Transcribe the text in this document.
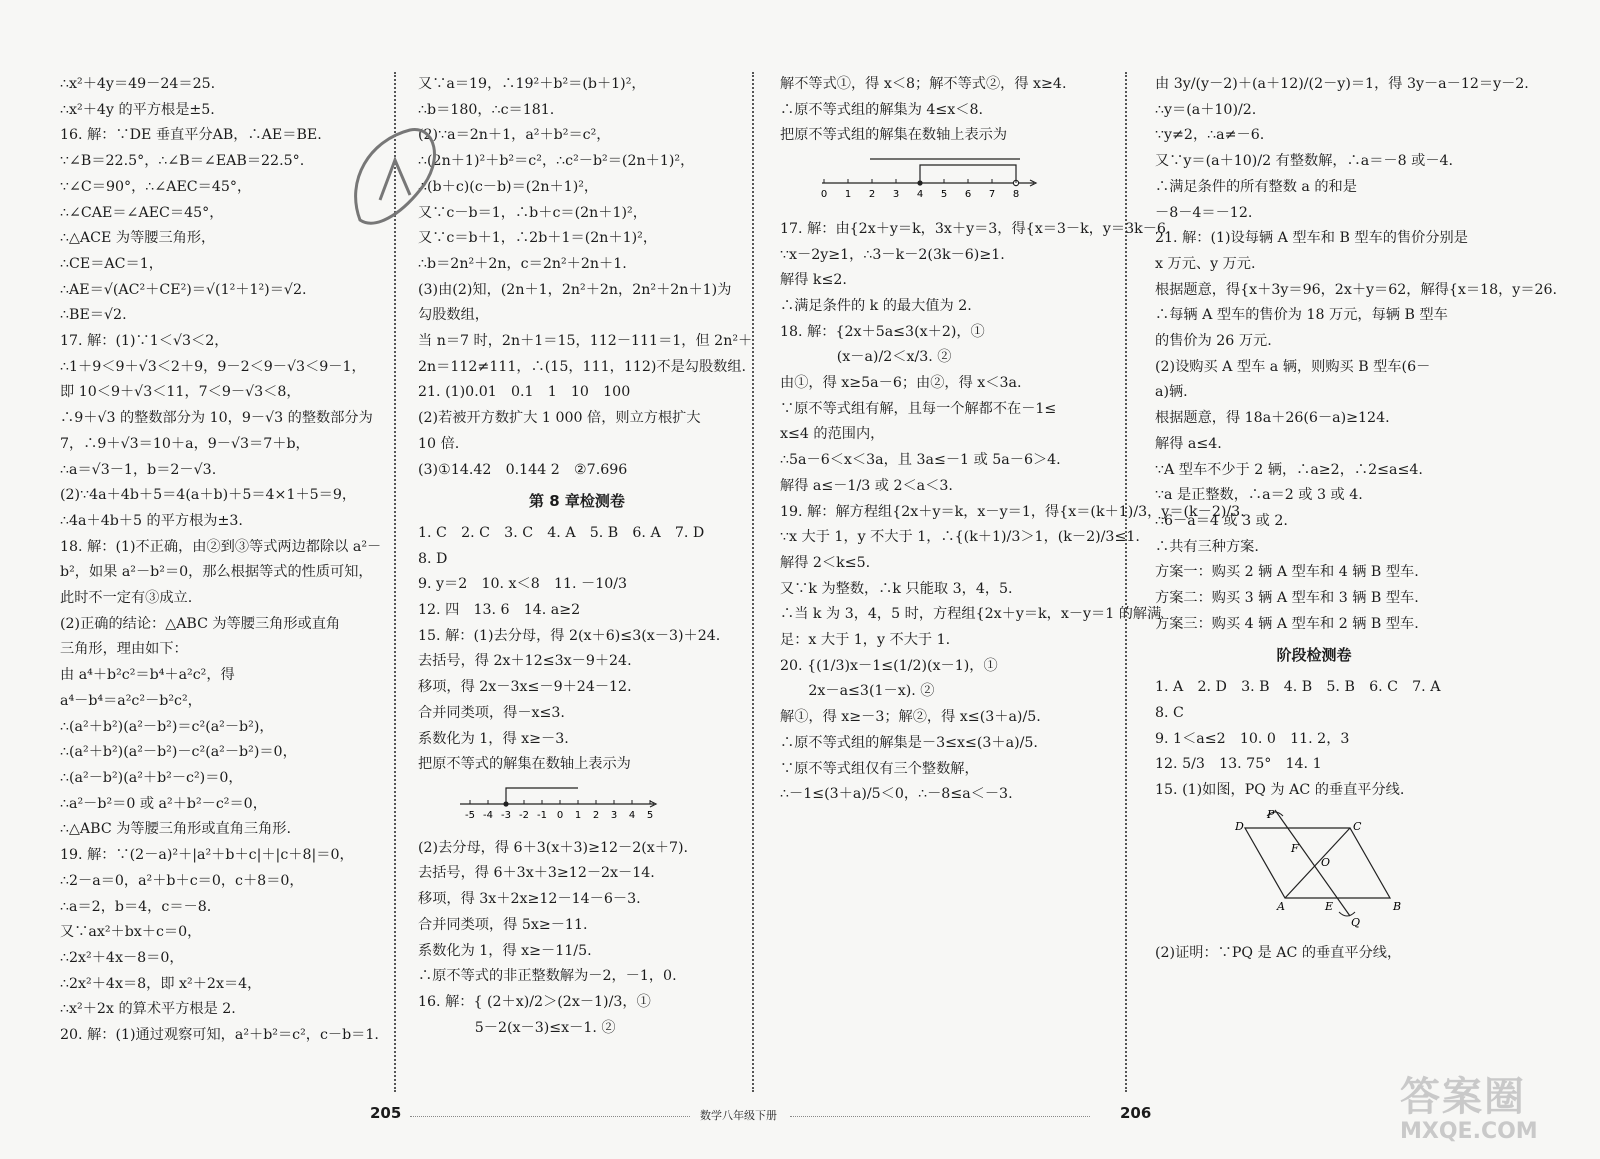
∴x²＋4y＝49－24＝25.
∴x²＋4y 的平方根是±5.
16. 解：∵DE 垂直平分AB，∴AE＝BE.
∵∠B＝22.5°，∴∠B＝∠EAB＝22.5°.
∵∠C＝90°，∴∠AEC＝45°，
∴∠CAE＝∠AEC＝45°，
∴△ACE 为等腰三角形，
∴CE＝AC＝1，
∴AE＝√(AC²＋CE²)＝√(1²＋1²)＝√2.
∴BE＝√2.
17. 解：(1)∵1＜√3＜2，
∴1＋9＜9＋√3＜2＋9，9－2＜9－√3＜9－1，
即 10＜9＋√3＜11，7＜9－√3＜8，
∴9＋√3 的整数部分为 10，9－√3 的整数部分为
7，∴9＋√3＝10＋a，9－√3＝7＋b，
∴a＝√3－1，b＝2－√3.
(2)∵4a＋4b＋5＝4(a＋b)＋5＝4×1＋5＝9，
∴4a＋4b＋5 的平方根为±3.
18. 解：(1)不正确，由②到③等式两边都除以 a²－
b²，如果 a²－b²＝0，那么根据等式的性质可知，
此时不一定有③成立.
(2)正确的结论：△ABC 为等腰三角形或直角
三角形，理由如下：
由 a⁴＋b²c²＝b⁴＋a²c²，得
a⁴－b⁴＝a²c²－b²c²，
∴(a²＋b²)(a²－b²)＝c²(a²－b²)，
∴(a²＋b²)(a²－b²)－c²(a²－b²)＝0，
∴(a²－b²)(a²＋b²－c²)＝0，
∴a²－b²＝0 或 a²＋b²－c²＝0，
∴△ABC 为等腰三角形或直角三角形.
19. 解：∵(2－a)²＋|a²＋b＋c|＋|c＋8|＝0，
∴2－a＝0，a²＋b＋c＝0，c＋8＝0，
∴a＝2，b＝4，c＝－8.
又∵ax²＋bx＋c＝0，
∴2x²＋4x－8＝0，
∴2x²＋4x＝8，即 x²＋2x＝4，
∴x²＋2x 的算术平方根是 2.
20. 解：(1)通过观察可知，a²＋b²＝c²，c－b＝1.
又∵a＝19，∴19²＋b²＝(b＋1)²，
∴b＝180，∴c＝181.
(2)∵a＝2n＋1，a²＋b²＝c²，
∴(2n＋1)²＋b²＝c²，∴c²－b²＝(2n＋1)²，
∴(b＋c)(c－b)＝(2n＋1)²，
又∵c－b＝1，∴b＋c＝(2n＋1)²，
又∵c＝b＋1，∴2b＋1＝(2n＋1)²，
∴b＝2n²＋2n，c＝2n²＋2n＋1.
(3)由(2)知，(2n＋1，2n²＋2n，2n²＋2n＋1)为
勾股数组，
当 n＝7 时，2n＋1＝15，112－111＝1，但 2n²＋
2n＝112≠111，∴(15，111，112)不是勾股数组.
21. (1)0.01　0.1　1　10　100
(2)若被开方数扩大 1 000 倍，则立方根扩大
10 倍.
(3)①14.42　0.144 2　②7.696
第 8 章检测卷
1. C　2. C　3. C　4. A　5. B　6. A　7. D
8. D
9. y＝2　10. x＜8　11. －10/3
12. 四　13. 6　14. a≥2
15. 解：(1)去分母，得 2(x＋6)≤3(x－3)＋24.
去括号，得 2x＋12≤3x－9＋24.
移项，得 2x－3x≤－9＋24－12.
合并同类项，得－x≤3.
系数化为 1，得 x≥－3.
把原不等式的解集在数轴上表示为
-5 -4 -3 -2 -1 0 1 2 3 4 5
(2)去分母，得 6＋3(x＋3)≥12－2(x＋7).
去括号，得 6＋3x＋3≥12－2x－14.
移项，得 3x＋2x≥12－14－6－3.
合并同类项，得 5x≥－11.
系数化为 1，得 x≥－11/5.
∴原不等式的非正整数解为－2，－1，0.
16. 解：{ (2＋x)/2＞(2x－1)/3，①
　　　　5－2(x－3)≤x－1. ②
解不等式①，得 x＜8；解不等式②，得 x≥4.
∴原不等式组的解集为 4≤x＜8.
把原不等式组的解集在数轴上表示为
0 1 2 3 4 5 6 7 8
17. 解：由{2x＋y＝k，3x＋y＝3，得{x＝3－k，y＝3k－6.
∵x－2y≥1，∴3－k－2(3k－6)≥1.
解得 k≤2.
∴满足条件的 k 的最大值为 2.
18. 解：{2x＋5a≤3(x＋2)，①
　　　　(x－a)/2＜x/3. ②
由①，得 x≥5a－6；由②，得 x＜3a.
∵原不等式组有解，且每一个解都不在－1≤
x≤4 的范围内，
∴5a－6＜x＜3a，且 3a≤－1 或 5a－6＞4.
解得 a≤－1/3 或 2＜a＜3.
19. 解：解方程组{2x＋y＝k，x－y＝1，得{x＝(k＋1)/3，y＝(k－2)/3.
∵x 大于 1，y 不大于 1，∴{(k＋1)/3＞1，(k－2)/3≤1.
解得 2＜k≤5.
又∵k 为整数，∴k 只能取 3，4，5.
∴当 k 为 3，4，5 时，方程组{2x＋y＝k，x－y＝1 的解满
足：x 大于 1，y 不大于 1.
20. {(1/3)x－1≤(1/2)(x－1)，①
　　2x－a≤3(1－x). ②
解①，得 x≥－3；解②，得 x≤(3＋a)/5.
∴原不等式组的解集是－3≤x≤(3＋a)/5.
∵原不等式组仅有三个整数解，
∴－1≤(3＋a)/5＜0，∴－8≤a＜－3.
由 3y/(y－2)＋(a＋12)/(2－y)＝1，得 3y－a－12＝y－2.
∴y＝(a＋10)/2.
∵y≠2，∴a≠－6.
又∵y＝(a＋10)/2 有整数解，∴a＝－8 或－4.
∴满足条件的所有整数 a 的和是
－8－4＝－12.
21. 解：(1)设每辆 A 型车和 B 型车的售价分别是
x 万元、y 万元.
根据题意，得{x＋3y＝96，2x＋y＝62，解得{x＝18，y＝26.
∴每辆 A 型车的售价为 18 万元，每辆 B 型车
的售价为 26 万元.
(2)设购买 A 型车 a 辆，则购买 B 型车(6－
a)辆.
根据题意，得 18a＋26(6－a)≥124.
解得 a≤4.
∵A 型车不少于 2 辆，∴a≥2，∴2≤a≤4.
∵a 是正整数，∴a＝2 或 3 或 4.
∴6－a＝4 或 3 或 2.
∴共有三种方案.
方案一：购买 2 辆 A 型车和 4 辆 B 型车.
方案二：购买 3 辆 A 型车和 3 辆 B 型车.
方案三：购买 4 辆 A 型车和 2 辆 B 型车.
阶段检测卷
1. A　2. D　3. B　4. B　5. B　6. C　7. A
8. C
9. 1＜a≤2　10. 0　11. 2，3
12. 5/3　13. 75°　14. 1
15. (1)如图，PQ 为 AC 的垂直平分线.
P
D	C
F
O
A	E	B
Q
(2)证明：∵PQ 是 AC 的垂直平分线，
205	数学八年级下册	206	答案圈
MXQE.COM
